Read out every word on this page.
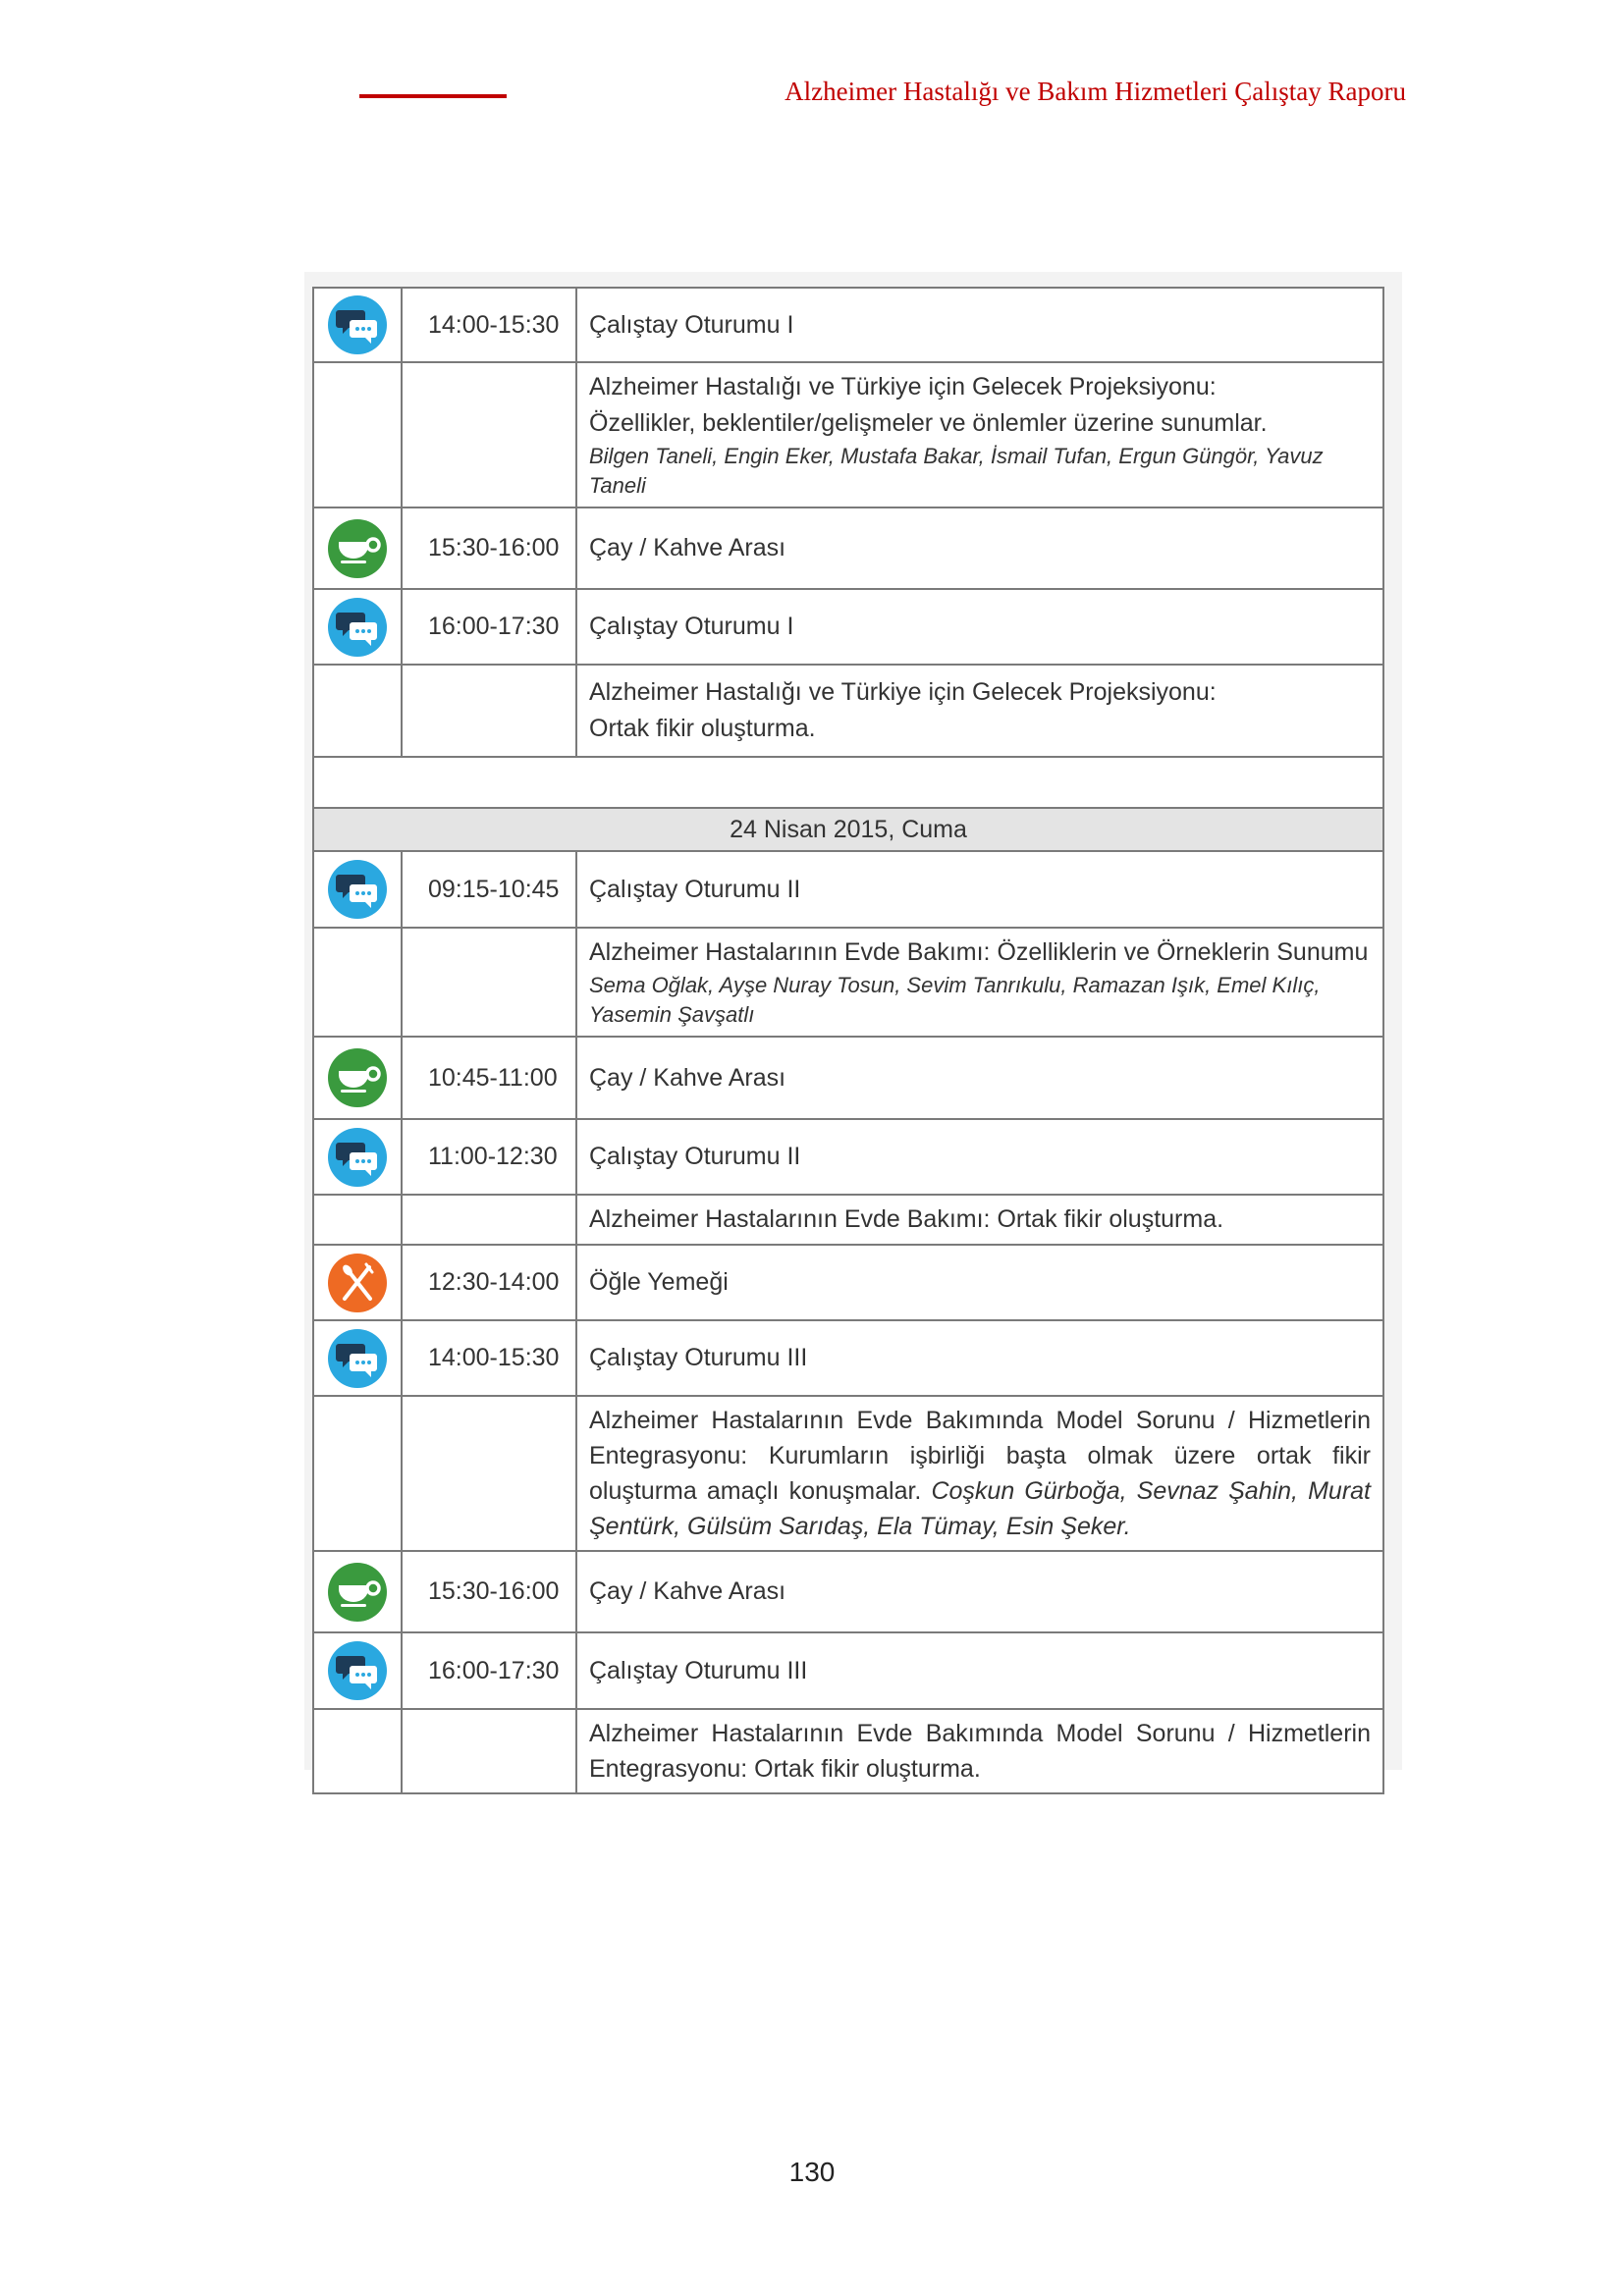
Alzheimer Hastalığı ve Bakım Hizmetleri Çalıştay Raporu
	14:00-15:30	Çalıştay Oturumu I

		Alzheimer Hastalığı ve Türkiye için Gelecek Projeksiyonu:
Özellikler, beklentiler/gelişmeler ve önlemler üzerine sunumlar.
Bilgen Taneli, Engin Eker, Mustafa Bakar, İsmail Tufan, Ergun Güngör, Yavuz Taneli

	15:30-16:00	Çay / Kahve Arası
	16:00-17:30	Çalıştay Oturumu I

		Alzheimer Hastalığı ve Türkiye için Gelecek Projeksiyonu:
Ortak fikir oluşturma.

24 Nisan 2015, Cuma		
	09:15-10:45	Çalıştay Oturumu II

		Alzheimer Hastalarının Evde Bakımı: Özelliklerin ve Örneklerin Sunumu
Sema Oğlak, Ayşe Nuray Tosun, Sevim Tanrıkulu, Ramazan Işık, Emel Kılıç, Yasemin Şavşatlı

	10:45-11:00	Çay / Kahve Arası
	11:00-12:30	Çalıştay Oturumu II
		Alzheimer Hastalarının Evde Bakımı: Ortak fikir oluşturma.
	12:30-14:00	Öğle Yemeği
	14:00-15:30	Çalıştay Oturumu III
		Alzheimer Hastalarının Evde Bakımında Model Sorunu / Hizmetlerin Entegrasyonu: Kurumların işbirliği başta olmak üzere ortak fikir oluşturma amaçlı konuşmalar. Coşkun Gürboğa, Sevnaz Şahin, Murat Şentürk, Gülsüm Sarıdaş, Ela Tümay, Esin Şeker.
	15:30-16:00	Çay / Kahve Arası
	16:00-17:30	Çalıştay Oturumu III
		Alzheimer Hastalarının Evde Bakımında Model Sorunu / Hizmetlerin Entegrasyonu: Ortak fikir oluşturma.
130
